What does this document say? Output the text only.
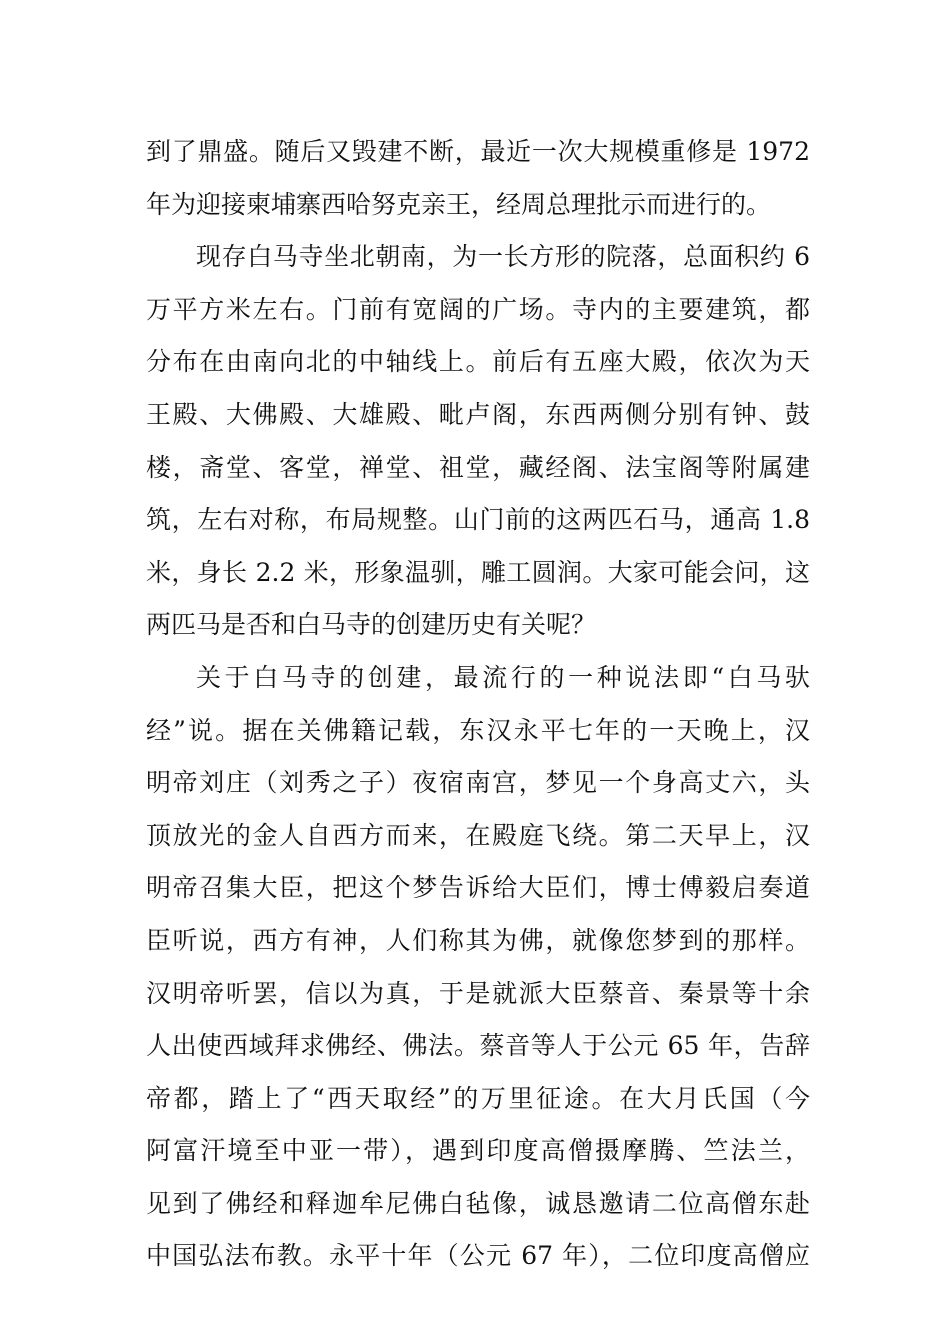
到了鼎盛。随后又毁建不断，最近一次大规模重修是 1972
年为迎接柬埔寨西哈努克亲王，经周总理批示而进行的。
现存白马寺坐北朝南，为一长方形的院落，总面积约 6
万平方米左右。门前有宽阔的广场。寺内的主要建筑，都
分布在由南向北的中轴线上。前后有五座大殿，依次为天
王殿、大佛殿、大雄殿、毗卢阁，东西两侧分别有钟、鼓
楼，斋堂、客堂，禅堂、祖堂，藏经阁、法宝阁等附属建
筑，左右对称，布局规整。山门前的这两匹石马，通高 1.8
米，身长 2.2 米，形象温驯，雕工圆润。大家可能会问，这
两匹马是否和白马寺的创建历史有关呢？
关于白马寺的创建，最流行的一种说法即“白马驮
经”说。据在关佛籍记载，东汉永平七年的一天晚上，汉
明帝刘庄（刘秀之子）夜宿南宫，梦见一个身高丈六，头
顶放光的金人自西方而来，在殿庭飞绕。第二天早上，汉
明帝召集大臣，把这个梦告诉给大臣们，博士傅毅启奏道
臣听说，西方有神，人们称其为佛，就像您梦到的那样。
汉明帝听罢，信以为真，于是就派大臣蔡音、秦景等十余
人出使西域拜求佛经、佛法。蔡音等人于公元 65 年，告辞
帝都，踏上了“西天取经”的万里征途。在大月氏国（今
阿富汗境至中亚一带），遇到印度高僧摄摩腾、竺法兰，
见到了佛经和释迦牟尼佛白毡像，诚恳邀请二位高僧东赴
中国弘法布教。永平十年（公元 67 年），二位印度高僧应
